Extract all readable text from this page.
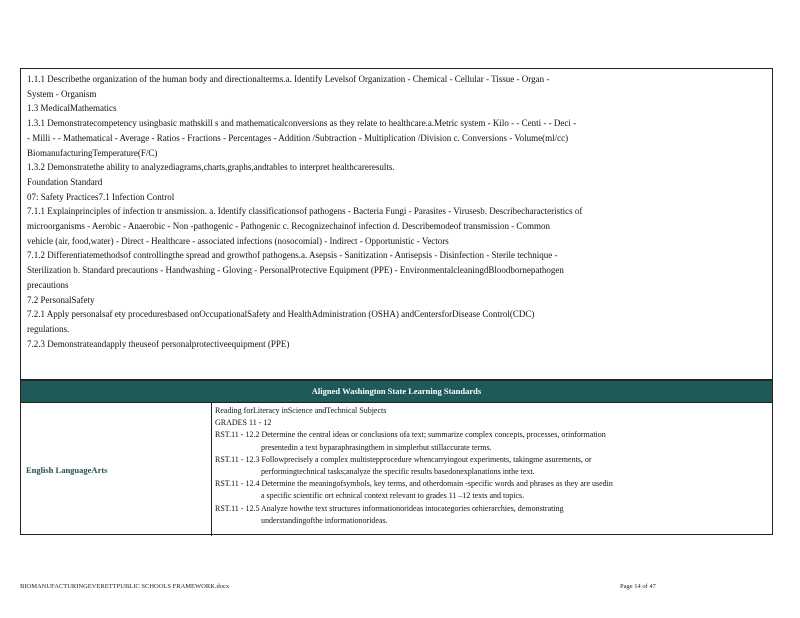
1.1.1 Describethe organization of the human body and directionalterms.a. Identify Levelsof Organization - Chemical - Cellular - Tissue - Organ -
System - Organism
1.3 MedicalMathematics
1.3.1 Demonstratecompetency usingbasic mathskill s and mathematicalconversions as they relate to healthcare.a.Metric system - Kilo - - Centi - - Deci -
- Milli - - Mathematical - Average - Ratios - Fractions - Percentages - Addition /Subtraction - Multiplication /Division c. Conversions - Volume(ml/cc)
BiomanufacturingTemperature(F/C)
1.3.2 Demonstratethe ability to analyzediagrams,charts,graphs,andtables to interpret healthcareresults.
Foundation Standard
07: Safety Practices7.1 Infection Control
7.1.1 Explainprinciples of infection tr ansmission. a. Identify classificationsof pathogens - Bacteria Fungi - Parasites - Virusesb. Describecharacteristics of
microorganisms - Aerobic - Anaerobic - Non -pathogenic - Pathogenic c. Recognizechainof infection d. Describemodeof transmission - Common
vehicle (air, food,water) - Direct - Healthcare - associated infections (nosocomial) - Indirect - Opportunistic - Vectors
7.1.2 Differentiatemethodsof controllingthe spread and growthof pathogens.a. Asepsis - Sanitization - Antisepsis - Disinfection - Sterile technique -
Sterilization b. Standard precautions - Handwashing - Gloving - PersonalProtective Equipment (PPE) - EnvironmentalcleaningdBloodbornepathogen
precautions
7.2 PersonalSafety
7.2.1 Apply personalsaf ety proceduresbased onOccupationalSafety and HealthAdministration (OSHA) andCentersforDisease Control(CDC)
regulations.
7.2.3 Demonstrateandapply theuseof personalprotectiveequipment (PPE)
Aligned Washington State Learning Standards
English LanguageArts
Reading forLiteracy inScience andTechnical Subjects
GRADES 11 - 12
RST.11 - 12.2 Determine the central ideas or conclusions ofa text; summarize complex concepts, processes, orinformation
presentedin a text byparaphrasingthem in simplerbut stillaccurate terms.
RST.11 - 12.3 Followprecisely a complex multistepprocedure whencarryingout experiments, takingme asurements, or
performingtechnical tasks;analyze the specific results basedonexplanations inthe text.
RST.11 - 12.4 Determine the meaningofsymbols, key terms, and otherdomain -specific words and phrases as they are usedin
a specific scientific ort echnical context relevant to grades 11 –12 texts and topics.
RST.11 - 12.5 Analyze howthe text structures informationorideas intocategories orhierarchies, demonstrating
understandingofthe informationorideas.
BIOMANUFACTURINGEVERETTPUBLIC SCHOOLS FRAMEWORK.docx	Page 14 of 47
